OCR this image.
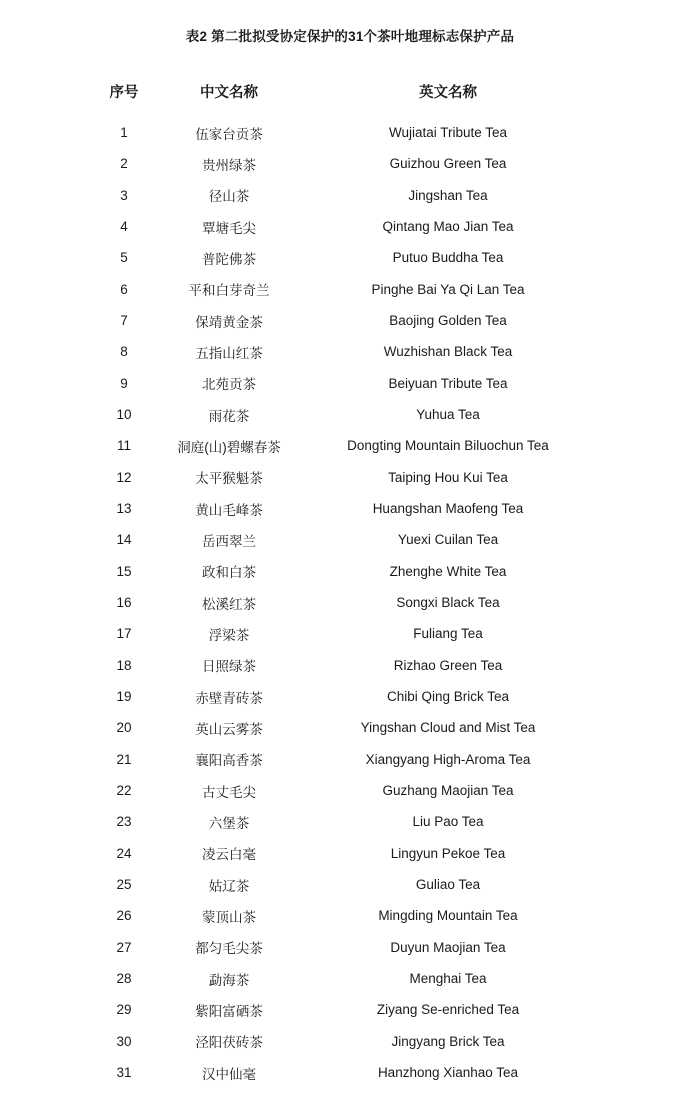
表2 第二批拟受协定保护的31个茶叶地理标志保护产品
序号	中文名称	英文名称
1	伍家台贡茶	Wujiatai Tribute Tea
2	贵州绿茶	Guizhou Green Tea
3	径山茶	Jingshan Tea
4	覃塘毛尖	Qintang Mao Jian Tea
5	普陀佛茶	Putuo Buddha Tea
6	平和白芽奇兰	Pinghe Bai Ya Qi Lan Tea
7	保靖黄金茶	Baojing Golden Tea
8	五指山红茶	Wuzhishan Black Tea
9	北苑贡茶	Beiyuan Tribute Tea
10	雨花茶	Yuhua Tea
11	洞庭(山)碧螺春茶	Dongting Mountain Biluochun Tea
12	太平猴魁茶	Taiping Hou Kui Tea
13	黄山毛峰茶	Huangshan Maofeng Tea
14	岳西翠兰	Yuexi Cuilan Tea
15	政和白茶	Zhenghe White Tea
16	松溪红茶	Songxi Black Tea
17	浮梁茶	Fuliang Tea
18	日照绿茶	Rizhao Green Tea
19	赤壁青砖茶	Chibi Qing Brick Tea
20	英山云雾茶	Yingshan Cloud and Mist Tea
21	襄阳高香茶	Xiangyang High-Aroma Tea
22	古丈毛尖	Guzhang Maojian Tea
23	六堡茶	Liu Pao Tea
24	凌云白毫	Lingyun Pekoe Tea
25	姑辽茶	Guliao Tea
26	蒙顶山茶	Mingding Mountain Tea
27	都匀毛尖茶	Duyun Maojian Tea
28	勐海茶	Menghai Tea
29	紫阳富硒茶	Ziyang Se-enriched Tea
30	泾阳茯砖茶	Jingyang Brick Tea
31	汉中仙毫	Hanzhong Xianhao Tea
